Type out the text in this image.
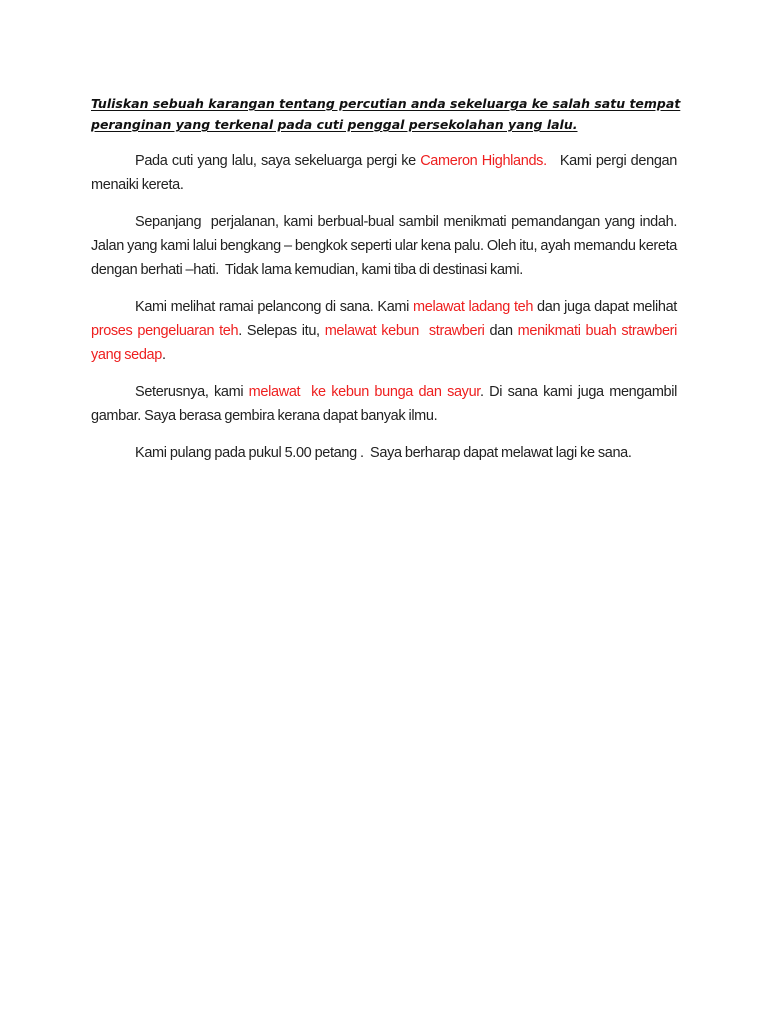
Tuliskan sebuah karangan tentang percutian anda sekeluarga ke salah satu tempat peranginan yang terkenal pada cuti penggal persekolahan yang lalu.

Pada cuti yang lalu, saya sekeluarga pergi ke Cameron Highlands.   Kami pergi dengan menaiki kereta.

Sepanjang  perjalanan, kami berbual-bual sambil menikmati pemandangan yang indah. Jalan yang kami lalui bengkang – bengkok seperti ular kena palu. Oleh itu, ayah memandu kereta dengan berhati –hati.  Tidak lama kemudian, kami tiba di destinasi kami.

Kami melihat ramai pelancong di sana. Kami melawat ladang teh dan juga dapat melihat proses pengeluaran teh. Selepas itu, melawat kebun  strawberi dan menikmati buah strawberi yang sedap.

Seterusnya, kami melawat  ke kebun bunga dan sayur. Di sana kami juga mengambil gambar. Saya berasa gembira kerana dapat banyak ilmu.

Kami pulang pada pukul 5.00 petang .  Saya berharap dapat melawat lagi ke sana.
